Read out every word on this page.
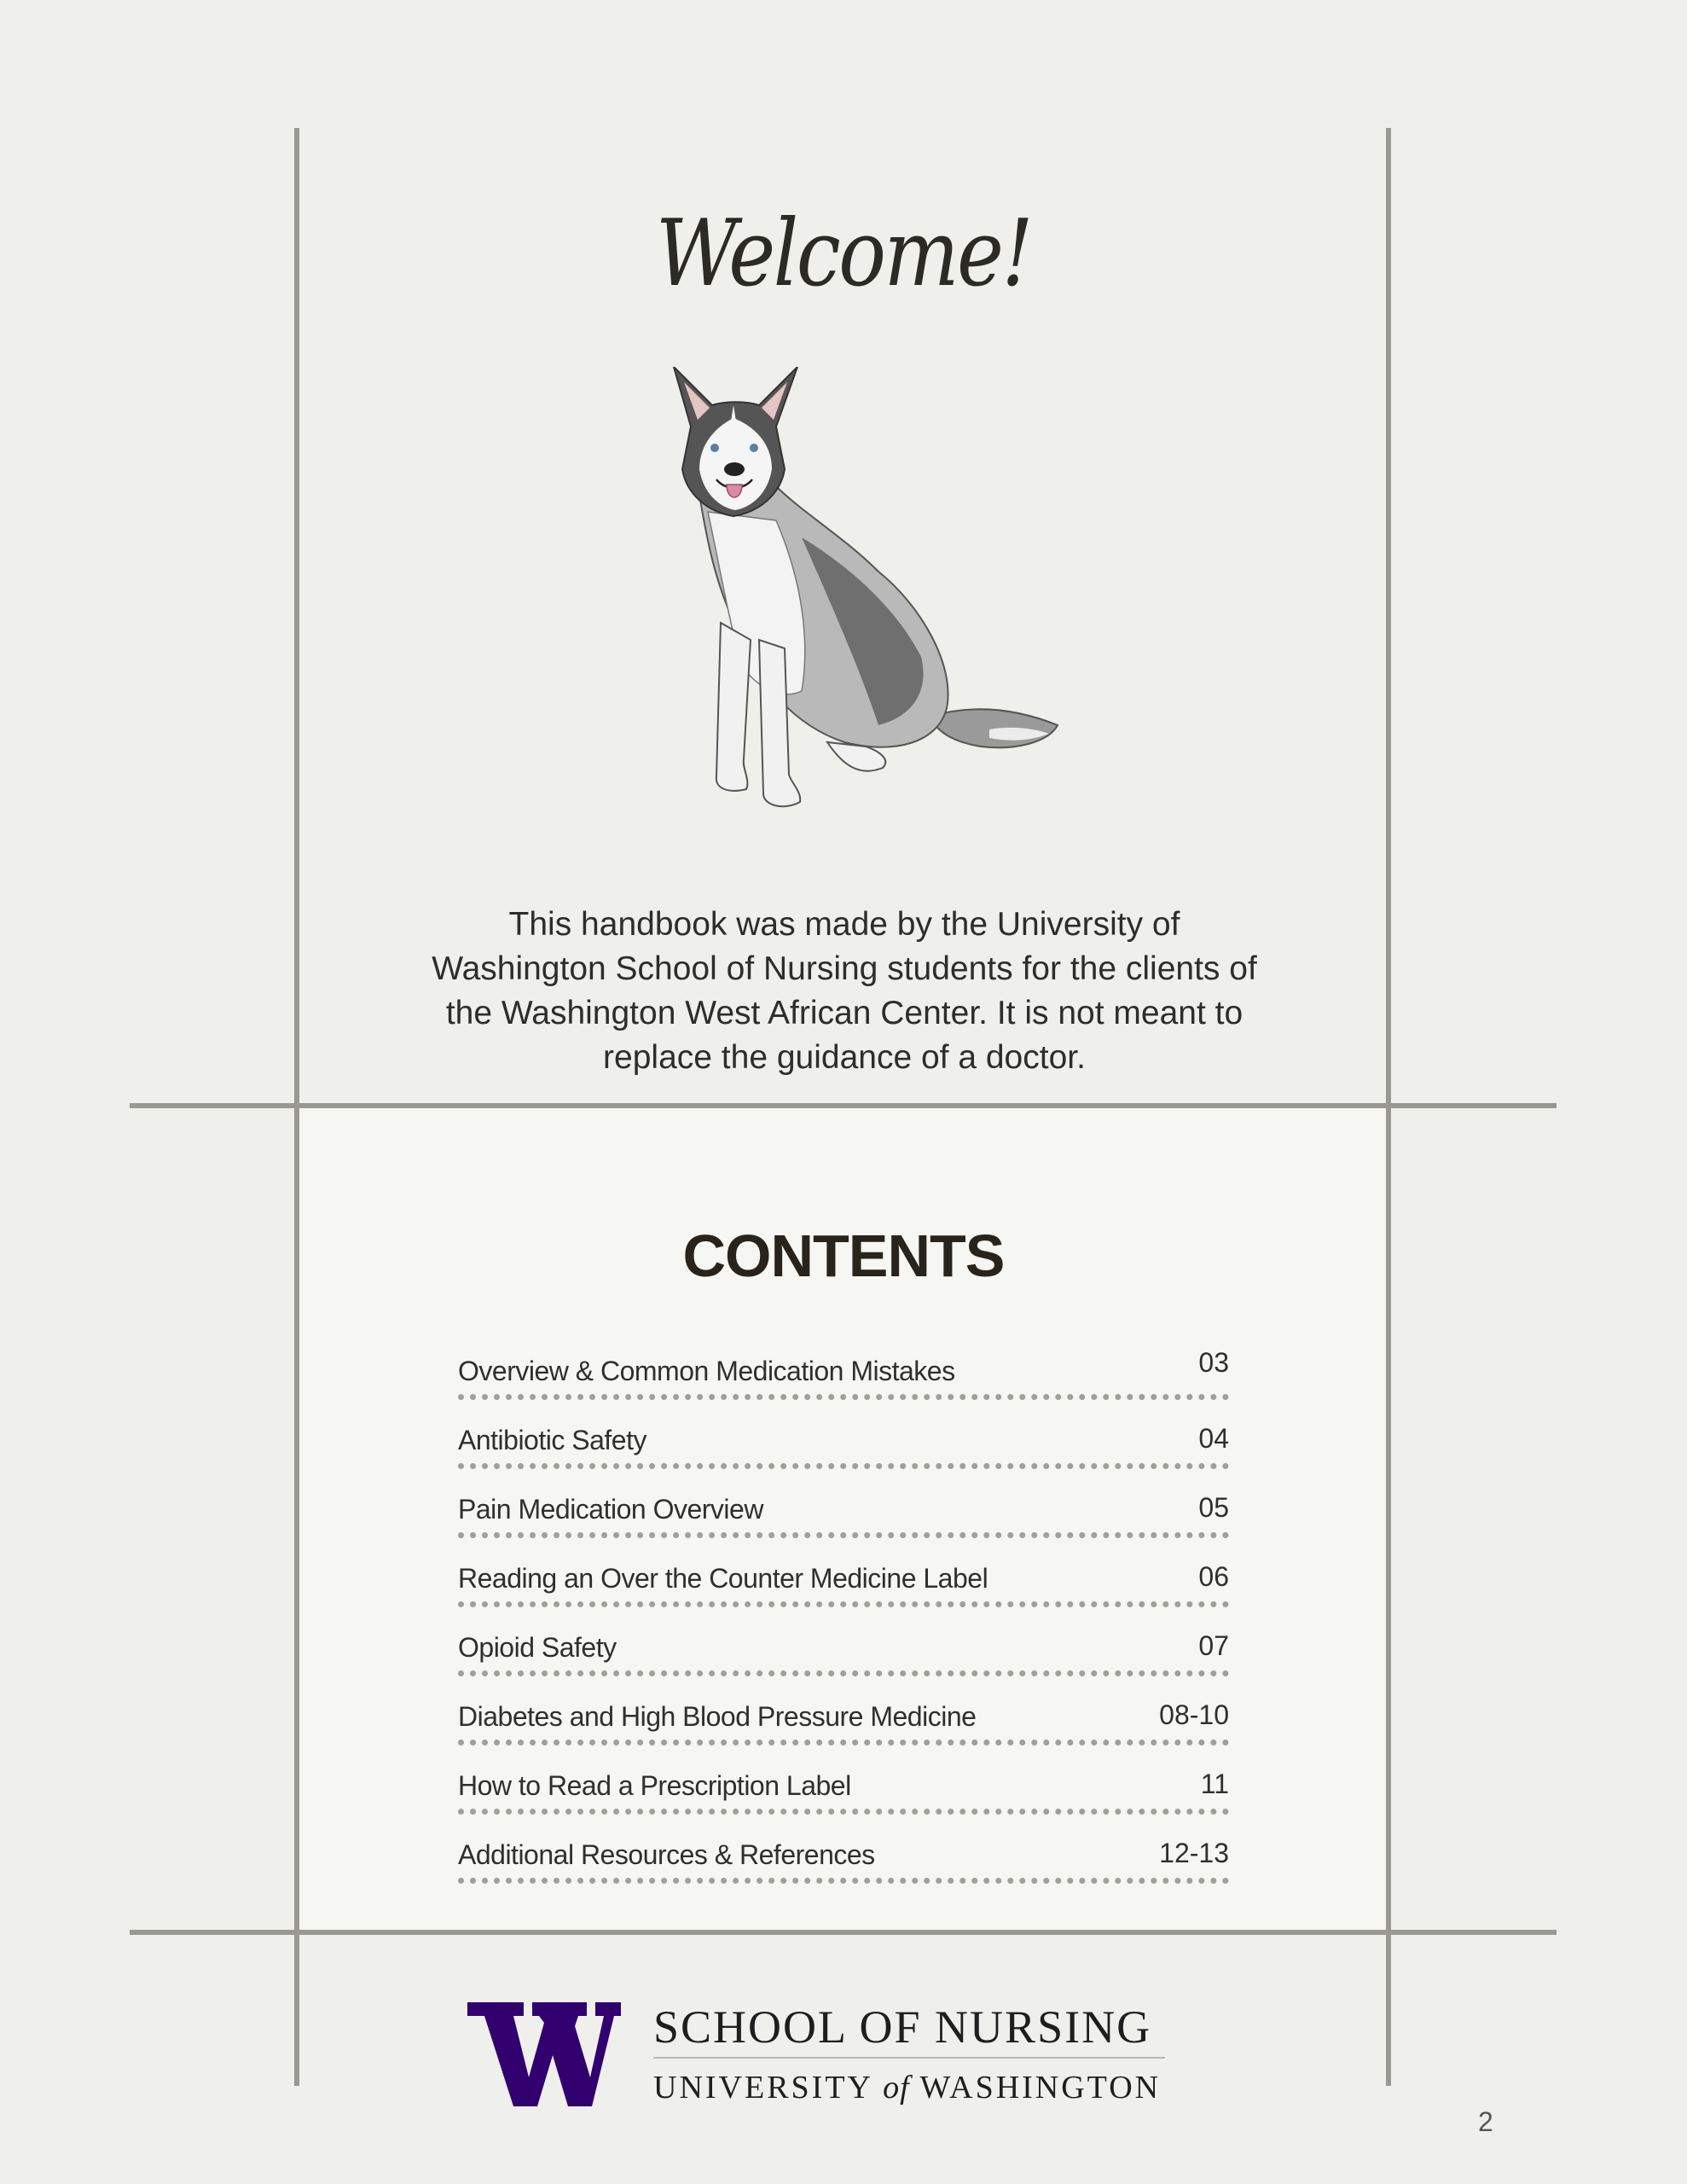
Welcome!
This handbook was made by the University of Washington School of Nursing students for the clients of the Washington West African Center. It is not meant to replace the guidance of a doctor.
CONTENTS
Overview & Common Medication Mistakes	03
Antibiotic Safety	04
Pain Medication Overview	05
Reading an Over the Counter Medicine Label	06
Opioid Safety	07
Diabetes and High Blood Pressure Medicine	08-10
How to Read a Prescription Label	11
Additional Resources & References	12-13
SCHOOL OF NURSING
UNIVERSITY of WASHINGTON
2
